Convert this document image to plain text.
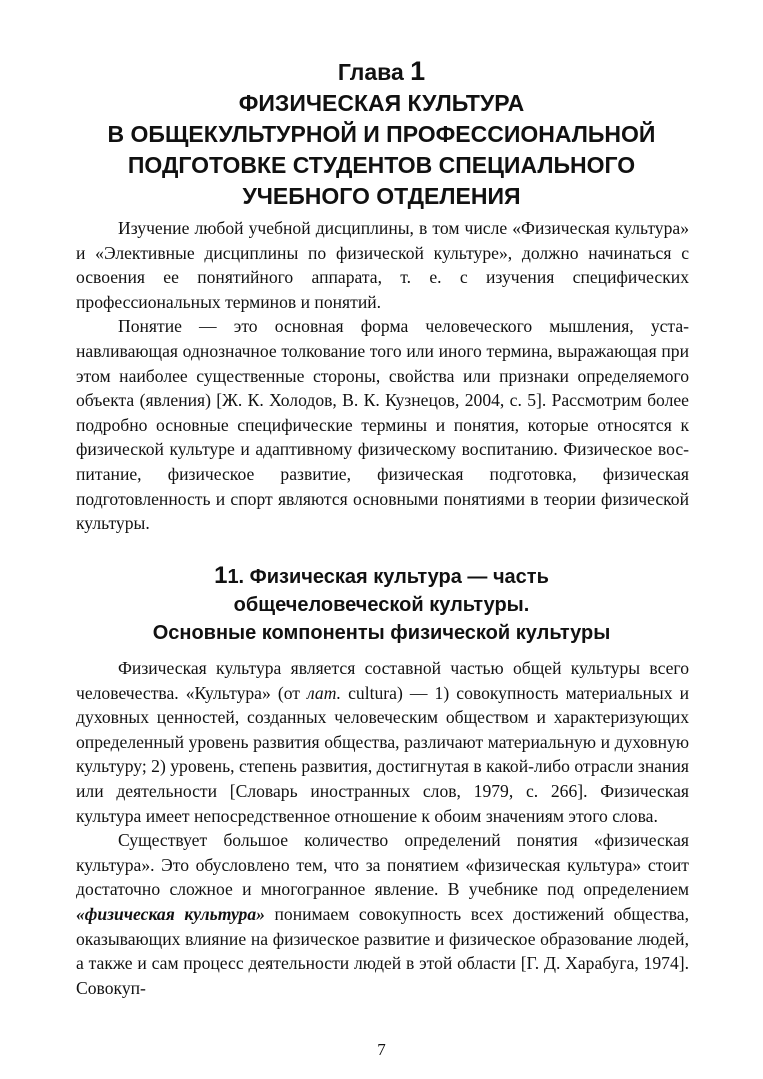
Глава 1
ФИЗИЧЕСКАЯ КУЛЬТУРА
В ОБЩЕКУЛЬТУРНОЙ И ПРОФЕССИОНАЛЬНОЙ
ПОДГОТОВКЕ СТУДЕНТОВ СПЕЦИАЛЬНОГО
УЧЕБНОГО ОТДЕЛЕНИЯ

Изучение любой учебной дисциплины, в том числе «Физическая культура» и «Элективные дисциплины по физической культуре», должно начинаться с освоения ее понятийного аппарата, т. е. с изучения специфических профессиональных терминов и понятий.

Понятие — это основная форма человеческого мышления, устанавливающая однозначное толкование того или иного термина, выражающая при этом наиболее существенные стороны, свойства или признаки определяемого объекта (явления) [Ж. К. Холодов, В. К. Кузнецов, 2004, с. 5]. Рассмотрим более подробно основные специфические термины и понятия, которые относятся к физической культуре и адаптивному физическому воспитанию. Физическое воспитание, физическое развитие, физическая подготовка, физическая подготовленность и спорт являются основными понятиями в теории физической культуры.

11. Физическая культура — часть
общечеловеческой культуры.
Основные компоненты физической культуры

Физическая культура является составной частью общей культуры всего человечества. «Культура» (от лат. cultura) — 1) совокупность материальных и духовных ценностей, созданных человеческим обществом и характеризующих определенный уровень развития общества, различают материальную и духовную культуру; 2) уровень, степень развития, достигнутая в какой-либо отрасли знания или деятельности [Словарь иностранных слов, 1979, с. 266]. Физическая культура имеет непосредственное отношение к обоим значениям этого слова.

Существует большое количество определений понятия «физическая культура». Это обусловлено тем, что за понятием «физическая культура» стоит достаточно сложное и многогранное явление. В учебнике под определением «физическая культура» понимаем совокупность всех достижений общества, оказывающих влияние на физическое развитие и физическое образование людей, а также и сам процесс деятельности людей в этой области [Г. Д. Харабуга, 1974]. Совокуп-

7
